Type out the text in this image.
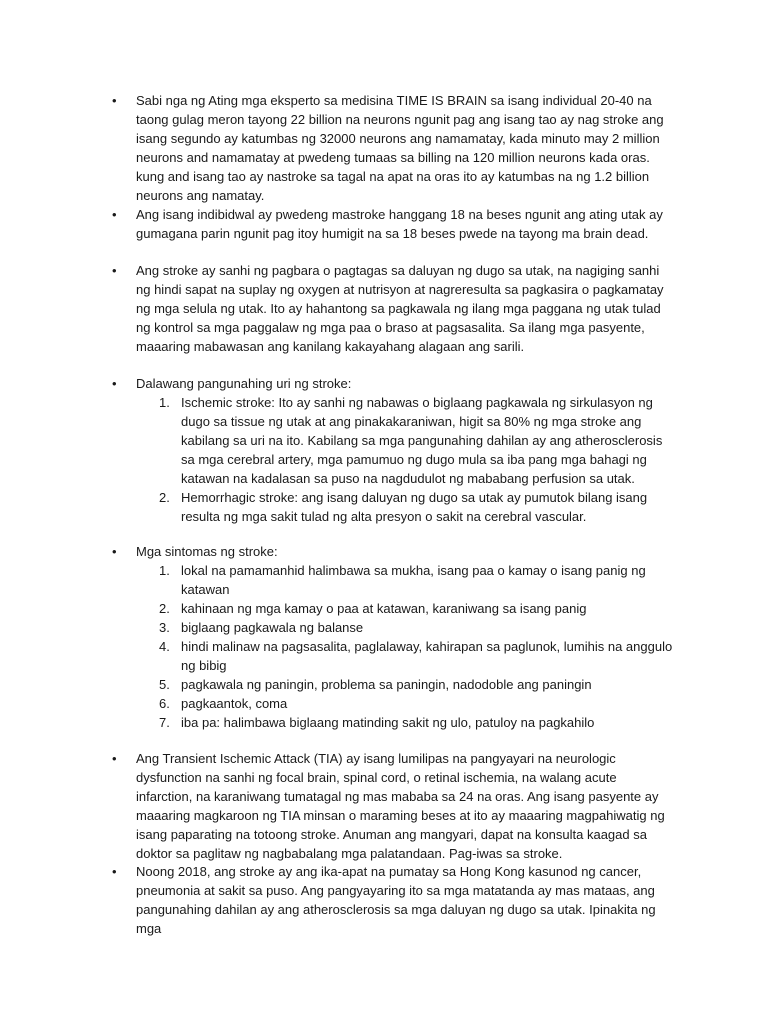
• Sabi nga ng Ating mga eksperto sa medisina TIME IS BRAIN sa isang individual 20-40 na taong gulag meron tayong 22 billion na neurons ngunit pag ang isang tao ay nag stroke ang isang segundo ay katumbas ng 32000 neurons ang namamatay, kada minuto may 2 million neurons and namamatay at pwedeng tumaas sa billing na 120 million neurons kada oras. kung and isang tao ay nastroke sa tagal na apat na oras ito ay katumbas na ng 1.2 billion neurons ang namatay.
• Ang isang indibidwal ay pwedeng mastroke hanggang 18 na beses ngunit ang ating utak ay gumagana parin ngunit pag itoy humigit na sa 18 beses pwede na tayong ma brain dead.
• Ang stroke ay sanhi ng pagbara o pagtagas sa daluyan ng dugo sa utak, na nagiging sanhi ng hindi sapat na suplay ng oxygen at nutrisyon at nagreresulta sa pagkasira o pagkamatay ng mga selula ng utak. Ito ay hahantong sa pagkawala ng ilang mga paggana ng utak tulad ng kontrol sa mga paggalaw ng mga paa o braso at pagsasalita. Sa ilang mga pasyente, maaaring mabawasan ang kanilang kakayahang alagaan ang sarili.
• Dalawang pangunahing uri ng stroke:
1. Ischemic stroke: Ito ay sanhi ng nabawas o biglaang pagkawala ng sirkulasyon ng dugo sa tissue ng utak at ang pinakakaraniwan, higit sa 80% ng mga stroke ang kabilang sa uri na ito. Kabilang sa mga pangunahing dahilan ay ang atherosclerosis sa mga cerebral artery, mga pamumuo ng dugo mula sa iba pang mga bahagi ng katawan na kadalasan sa puso na nagdudulot ng mababang perfusion sa utak.
2. Hemorrhagic stroke: ang isang daluyan ng dugo sa utak ay pumutok bilang isang resulta ng mga sakit tulad ng alta presyon o sakit na cerebral vascular.
• Mga sintomas ng stroke:
1. lokal na pamamanhid halimbawa sa mukha, isang paa o kamay o isang panig ng katawan
2. kahinaan ng mga kamay o paa at katawan, karaniwang sa isang panig
3. biglaang pagkawala ng balanse
4. hindi malinaw na pagsasalita, paglalaway, kahirapan sa paglunok, lumihis na anggulo ng bibig
5. pagkawala ng paningin, problema sa paningin, nadodoble ang paningin
6. pagkaantok, coma
7. iba pa: halimbawa biglaang matinding sakit ng ulo, patuloy na pagkahilo
• Ang Transient Ischemic Attack (TIA) ay isang lumilipas na pangyayari na neurologic dysfunction na sanhi ng focal brain, spinal cord, o retinal ischemia, na walang acute infarction, na karaniwang tumatagal ng mas mababa sa 24 na oras. Ang isang pasyente ay maaaring magkaroon ng TIA minsan o maraming beses at ito ay maaaring magpahiwatig ng isang paparating na totoong stroke. Anuman ang mangyari, dapat na konsulta kaagad sa doktor sa paglitaw ng nagbabalang mga palatandaan. Pag-iwas sa stroke.
• Noong 2018, ang stroke ay ang ika-apat na pumatay sa Hong Kong kasunod ng cancer, pneumonia at sakit sa puso. Ang pangyayaring ito sa mga matatanda ay mas mataas, ang pangunahing dahilan ay ang atherosclerosis sa mga daluyan ng dugo sa utak. Ipinakita ng mga
